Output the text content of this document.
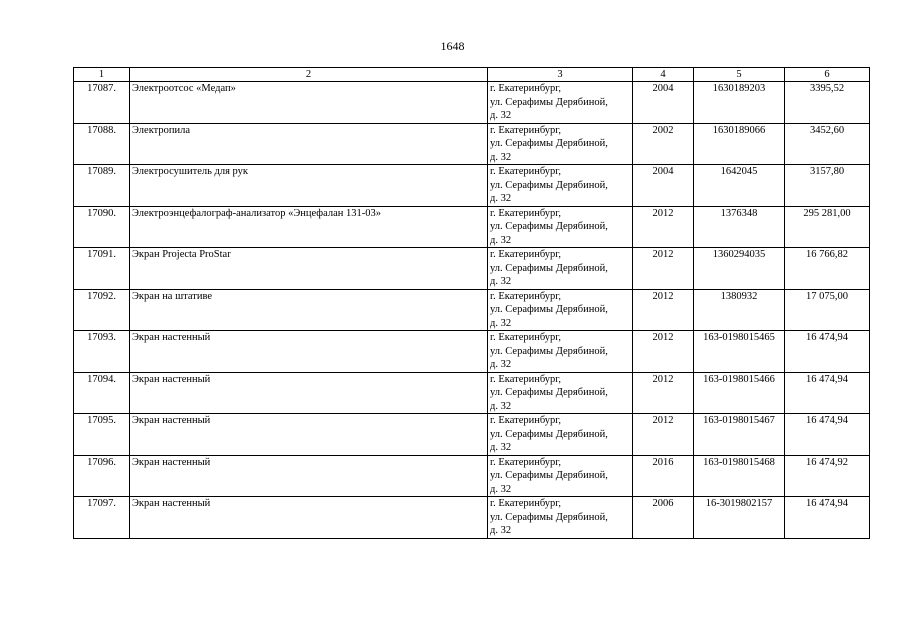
1648
1	2	3	4	5	6
17087.	Электроотсос «Медап»	г. Екатеринбург,
ул. Серафимы Дерябиной,
д. 32	2004	1630189203	3395,52
17088.	Электропила	г. Екатеринбург,
ул. Серафимы Дерябиной,
д. 32	2002	1630189066	3452,60
17089.	Электросушитель для рук	г. Екатеринбург,
ул. Серафимы Дерябиной,
д. 32	2004	1642045	3157,80
17090.	Электроэнцефалограф-анализатор «Энцефалан 131-03»	г. Екатеринбург,
ул. Серафимы Дерябиной,
д. 32	2012	1376348	295 281,00
17091.	Экран Projecta ProStar	г. Екатеринбург,
ул. Серафимы Дерябиной,
д. 32	2012	1360294035	16 766,82
17092.	Экран на штативе	г. Екатеринбург,
ул. Серафимы Дерябиной,
д. 32	2012	1380932	17 075,00
17093.	Экран настенный	г. Екатеринбург,
ул. Серафимы Дерябиной,
д. 32	2012	163-0198015465	16 474,94
17094.	Экран настенный	г. Екатеринбург,
ул. Серафимы Дерябиной,
д. 32	2012	163-0198015466	16 474,94
17095.	Экран настенный	г. Екатеринбург,
ул. Серафимы Дерябиной,
д. 32	2012	163-0198015467	16 474,94
17096.	Экран настенный	г. Екатеринбург,
ул. Серафимы Дерябиной,
д. 32	2016	163-0198015468	16 474,92
17097.	Экран настенный	г. Екатеринбург,
ул. Серафимы Дерябиной,
д. 32	2006	16-3019802157	16 474,94
